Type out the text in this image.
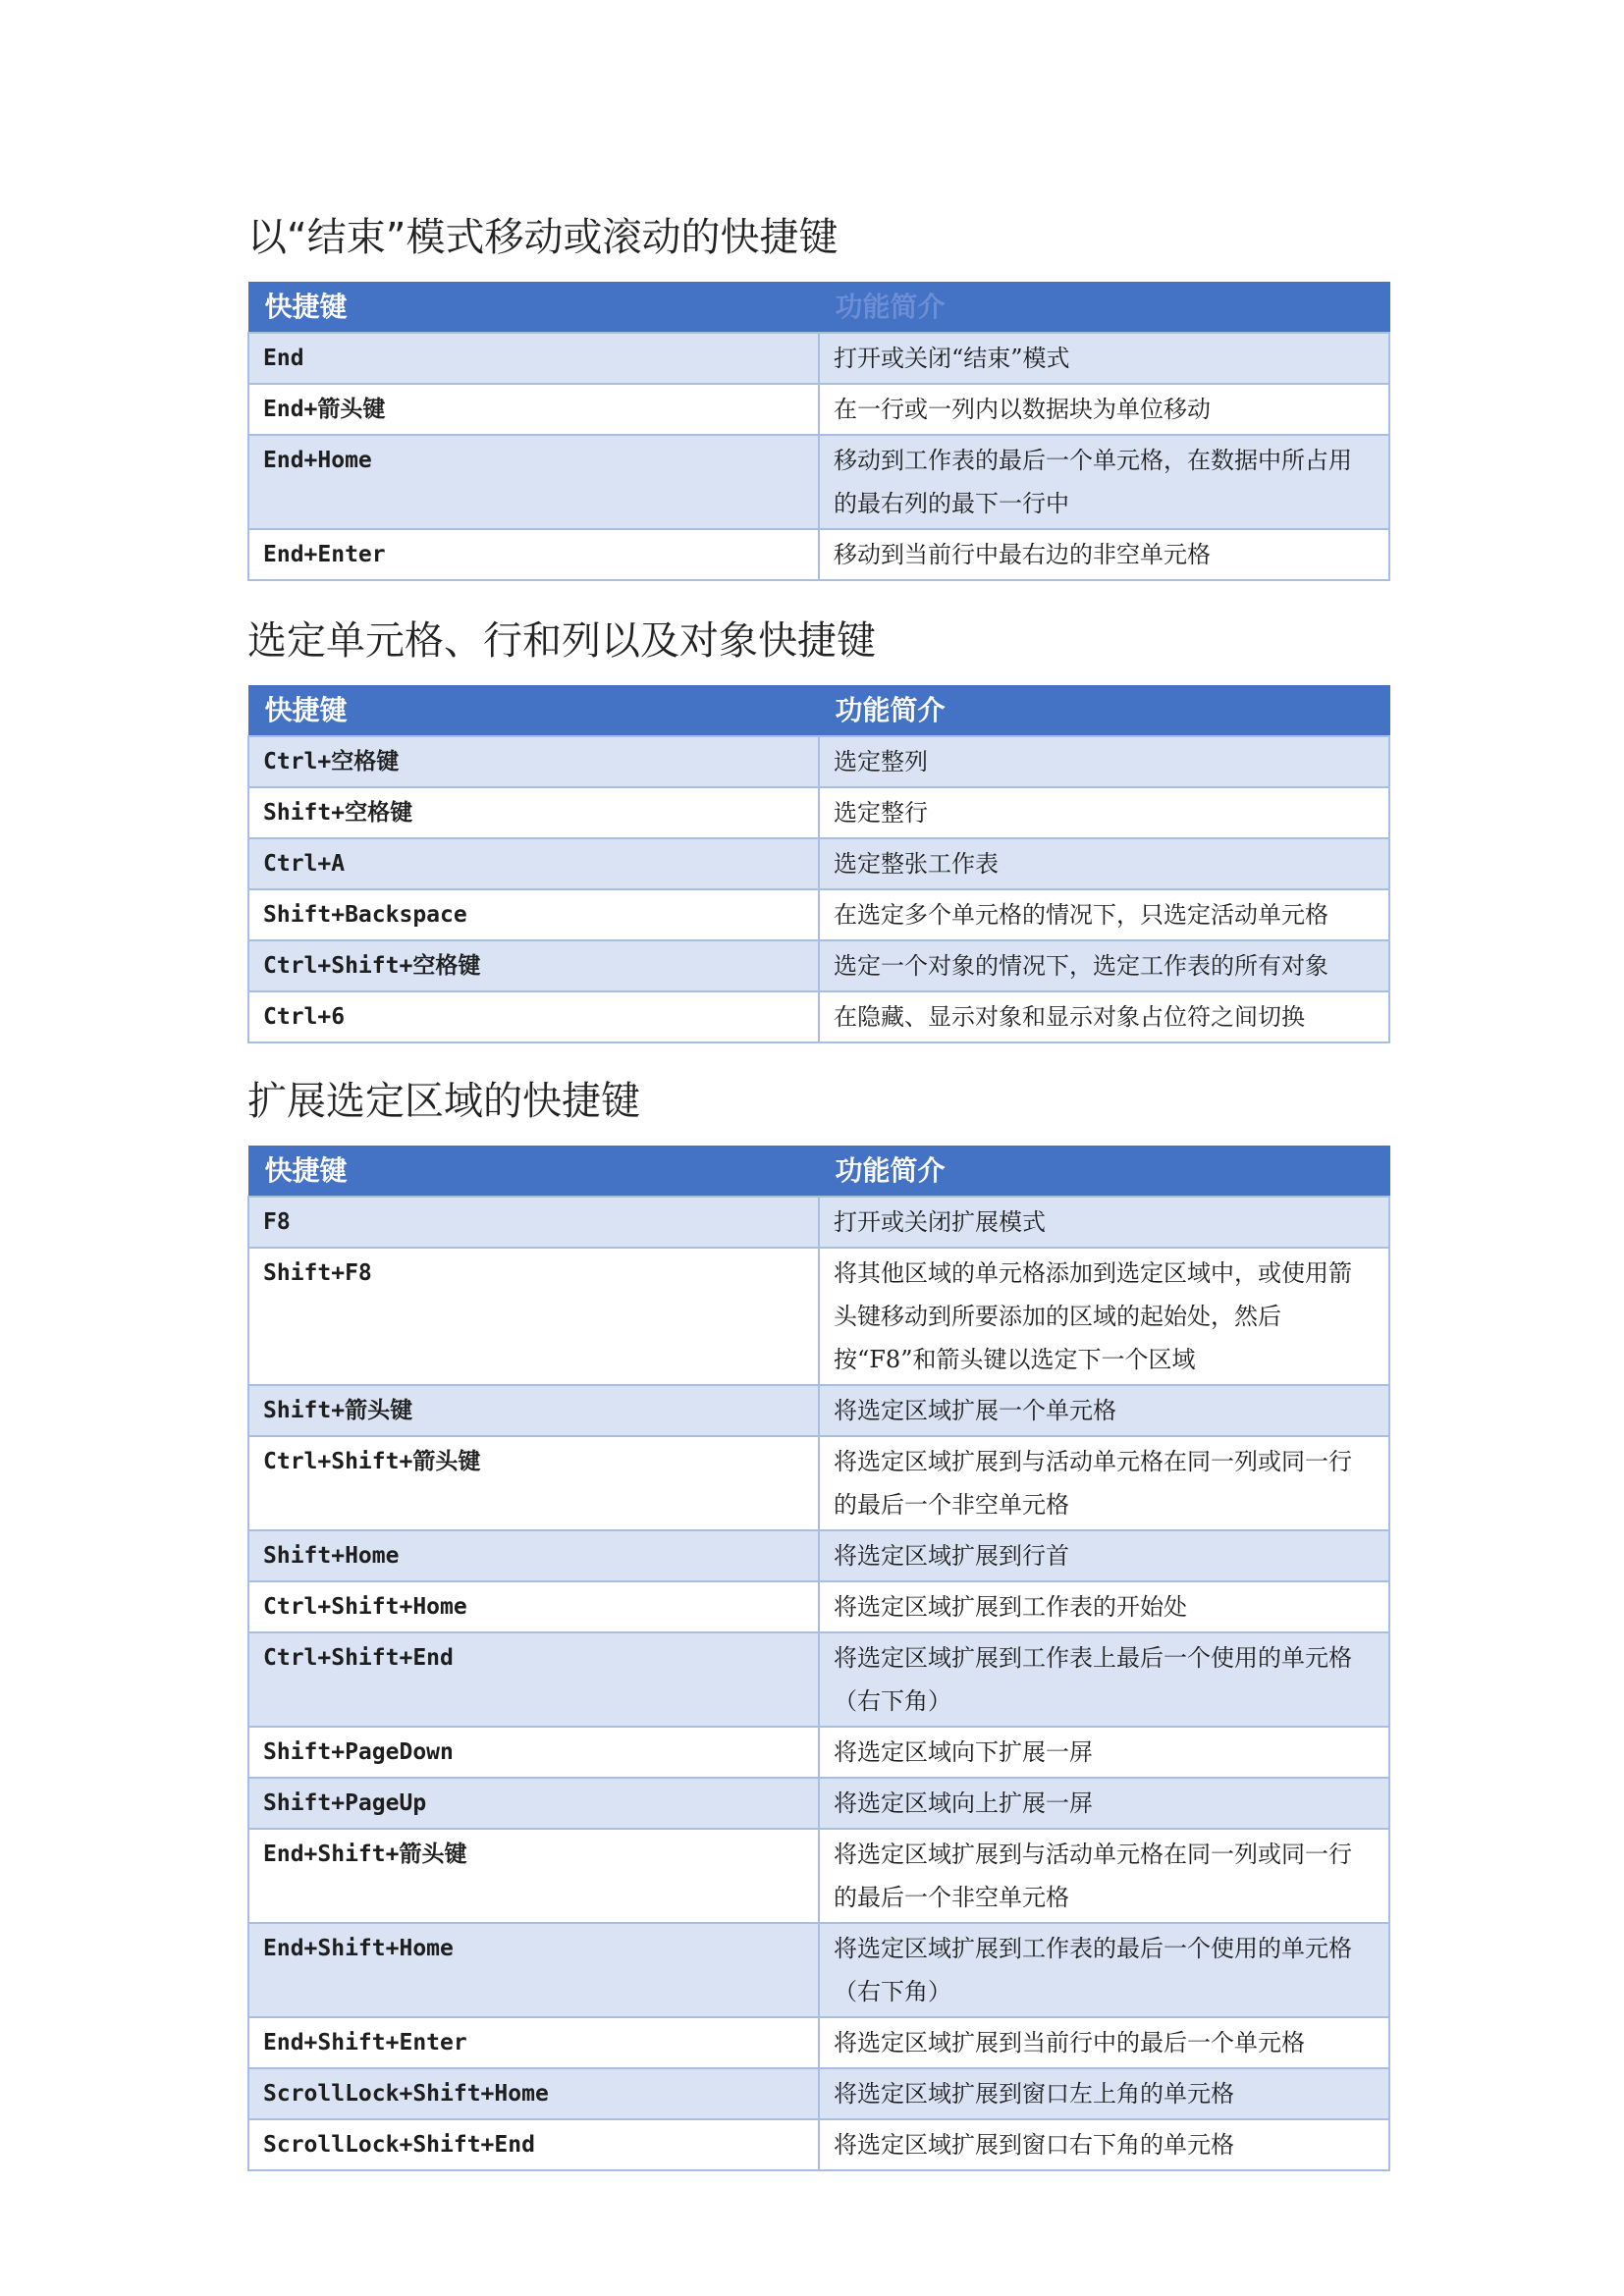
以“结束”模式移动或滚动的快捷键
快捷键	功能简介
End	打开或关闭“结束”模式
End+箭头键	在一行或一列内以数据块为单位移动
End+Home	移动到工作表的最后一个单元格，在数据中所占用的最右列的最下一行中
End+Enter	移动到当前行中最右边的非空单元格
选定单元格、行和列以及对象快捷键
快捷键	功能简介
Ctrl+空格键	选定整列
Shift+空格键	选定整行
Ctrl+A	选定整张工作表
Shift+Backspace	在选定多个单元格的情况下，只选定活动单元格
Ctrl+Shift+空格键	选定一个对象的情况下，选定工作表的所有对象
Ctrl+6	在隐藏、显示对象和显示对象占位符之间切换
扩展选定区域的快捷键
快捷键	功能简介
F8	打开或关闭扩展模式
Shift+F8	将其他区域的单元格添加到选定区域中，或使用箭头键移动到所要添加的区域的起始处，然后按“F8”和箭头键以选定下一个区域
Shift+箭头键	将选定区域扩展一个单元格
Ctrl+Shift+箭头键	将选定区域扩展到与活动单元格在同一列或同一行的最后一个非空单元格
Shift+Home	将选定区域扩展到行首
Ctrl+Shift+Home	将选定区域扩展到工作表的开始处
Ctrl+Shift+End	将选定区域扩展到工作表上最后一个使用的单元格（右下角）
Shift+PageDown	将选定区域向下扩展一屏
Shift+PageUp	将选定区域向上扩展一屏
End+Shift+箭头键	将选定区域扩展到与活动单元格在同一列或同一行的最后一个非空单元格
End+Shift+Home	将选定区域扩展到工作表的最后一个使用的单元格（右下角）
End+Shift+Enter	将选定区域扩展到当前行中的最后一个单元格
ScrollLock+Shift+Home	将选定区域扩展到窗口左上角的单元格
ScrollLock+Shift+End	将选定区域扩展到窗口右下角的单元格
